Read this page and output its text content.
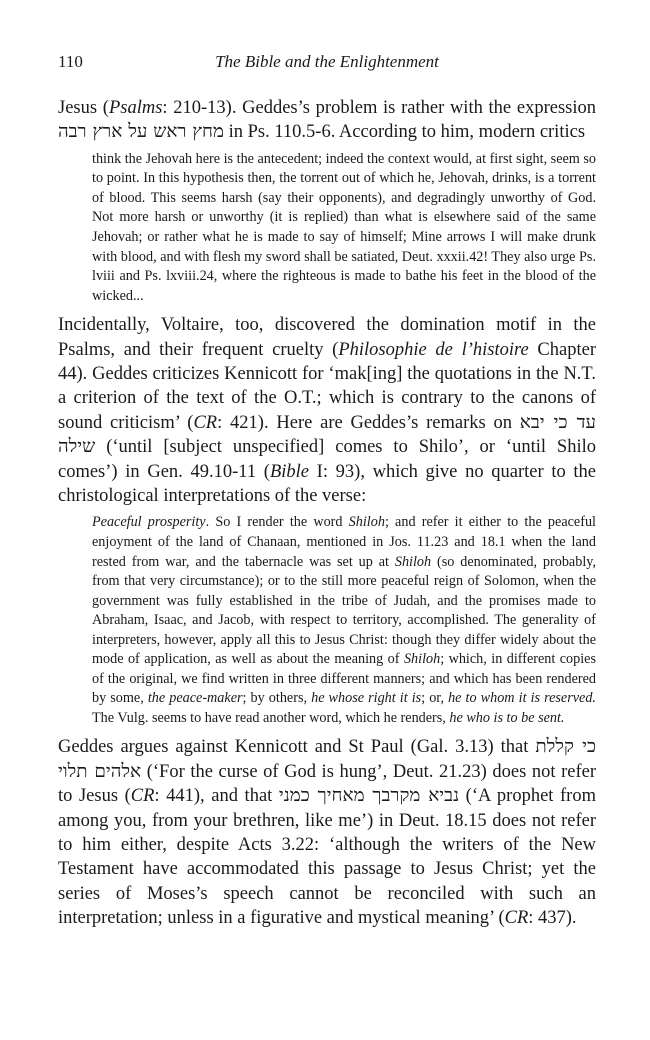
110	The Bible and the Enlightenment

Jesus (Psalms: 210-13). Geddes’s problem is rather with the expression מחץ ראש על ארץ רבה in Ps. 110.5-6. According to him, modern critics

think the Jehovah here is the antecedent; indeed the context would, at first sight, seem so to point. In this hypothesis then, the torrent out of which he, Jehovah, drinks, is a torrent of blood. This seems harsh (say their opponents), and degradingly unworthy of God. Not more harsh or unworthy (it is replied) than what is elsewhere said of the same Jehovah; or rather what he is made to say of himself; Mine arrows I will make drunk with blood, and with flesh my sword shall be satiated, Deut. xxxii.42! They also urge Ps. lviii and Ps. lxviii.24, where the righteous is made to bathe his feet in the blood of the wicked...

Incidentally, Voltaire, too, discovered the domination motif in the Psalms, and their frequent cruelty (Philosophie de l’histoire Chapter 44). Geddes criticizes Kennicott for ‘mak[ing] the quotations in the N.T. a criterion of the text of the O.T.; which is contrary to the canons of sound criticism’ (CR: 421). Here are Geddes’s remarks on עד כי יבא שילה (‘until [subject unspecified] comes to Shilo’, or ‘until Shilo comes’) in Gen. 49.10-11 (Bible I: 93), which give no quarter to the christological interpretations of the verse:

Peaceful prosperity. So I render the word Shiloh; and refer it either to the peaceful enjoyment of the land of Chanaan, mentioned in Jos. 11.23 and 18.1 when the land rested from war, and the tabernacle was set up at Shiloh (so denominated, probably, from that very circumstance); or to the still more peaceful reign of Solomon, when the government was fully established in the tribe of Judah, and the promises made to Abraham, Isaac, and Jacob, with respect to territory, accomplished. The generality of interpreters, however, apply all this to Jesus Christ: though they differ widely about the mode of application, as well as about the meaning of Shiloh; which, in different copies of the original, we find written in three different manners; and which has been rendered by some, the peace-maker; by others, he whose right it is; or, he to whom it is reserved. The Vulg. seems to have read another word, which he renders, he who is to be sent.

Geddes argues against Kennicott and St Paul (Gal. 3.13) that כי קללת אלהים תלוי (‘For the curse of God is hung’, Deut. 21.23) does not refer to Jesus (CR: 441), and that נביא מקרבך מאחיך כמני (‘A prophet from among you, from your brethren, like me’) in Deut. 18.15 does not refer to him either, despite Acts 3.22: ‘although the writers of the New Testament have accommodated this passage to Jesus Christ; yet the series of Moses’s speech cannot be reconciled with such an interpretation; unless in a figurative and mystical meaning’ (CR: 437).
